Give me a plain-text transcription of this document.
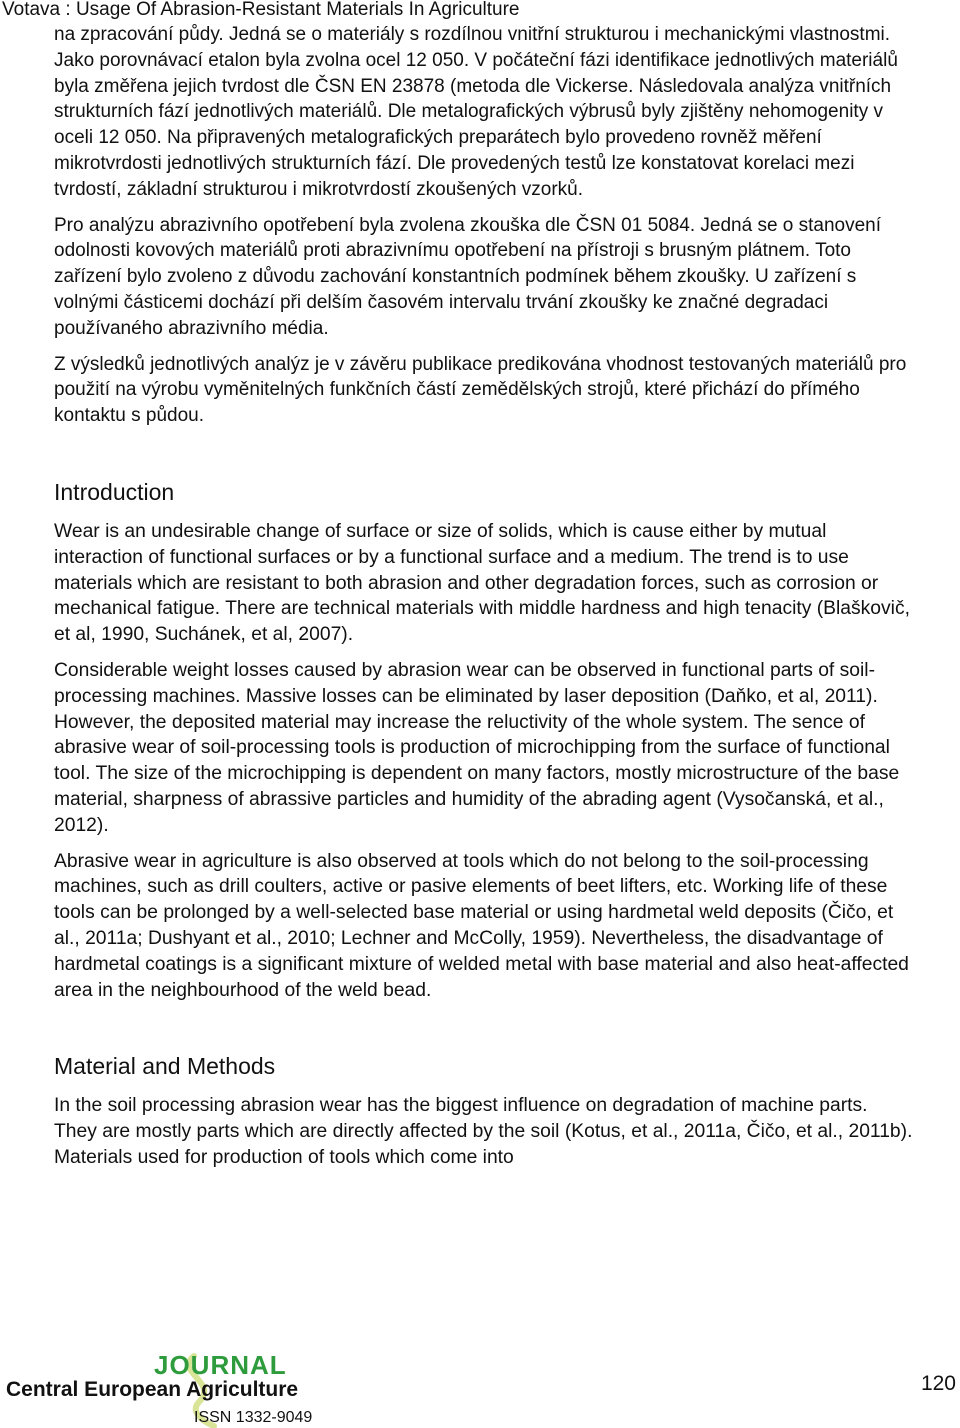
Votava : Usage Of Abrasion-Resistant Materials In Agriculture

na zpracování půdy. Jedná se o materiály s rozdílnou vnitřní strukturou i mechanickými vlastnostmi. Jako porovnávací etalon byla zvolna ocel 12 050. V počáteční fázi identifikace jednotlivých materiálů byla změřena jejich tvrdost dle ČSN EN 23878 (metoda dle Vickerse. Následovala analýza vnitřních strukturních fází jednotlivých materiálů. Dle metalografických výbrusů byly zjištěny nehomogenity v oceli 12 050. Na připravených metalografických preparátech bylo provedeno rovněž měření mikrotvrdosti jednotlivých strukturních fází. Dle provedených testů lze konstatovat korelaci mezi tvrdostí, základní strukturou i mikrotvrdostí zkoušených vzorků.

Pro analýzu abrazivního opotřebení byla zvolena zkouška dle ČSN 01 5084. Jedná se o stanovení odolnosti kovových materiálů proti abrazivnímu opotřebení na přístroji s brusným plátnem. Toto zařízení bylo zvoleno z důvodu zachování konstantních podmínek během zkoušky. U zařízení s volnými částicemi dochází při delším časovém intervalu trvání zkoušky ke značné degradaci používaného abrazivního média.

Z výsledků jednotlivých analýz je v závěru publikace predikována vhodnost testovaných materiálů pro použití na výrobu vyměnitelných funkčních částí zemědělských strojů, které přichází do přímého kontaktu s půdou.

Introduction

Wear is an undesirable change of surface or size of solids, which is cause either by mutual interaction of functional surfaces or by a functional surface and a medium. The trend is to use materials which are resistant to both abrasion and other degradation forces, such as corrosion or mechanical fatigue. There are technical materials with middle hardness and high tenacity (Blaškovič, et al, 1990, Suchánek, et al, 2007).

Considerable weight losses caused by abrasion wear can be observed in functional parts of soil-processing machines. Massive losses can be eliminated by laser deposition (Daňko, et al, 2011). However, the deposited material may increase the reluctivity of the whole system. The sence of abrasive wear of soil-processing tools is production of microchipping from the surface of functional tool. The size of the microchipping is dependent on many factors, mostly microstructure of the base material, sharpness of abrassive particles and humidity of the abrading agent (Vysočanská, et al., 2012).

Abrasive wear in agriculture is also observed at tools which do not belong to the soil-processing machines, such as drill coulters, active or pasive elements of beet lifters, etc. Working life of these tools can be prolonged by a well-selected base material or using hardmetal weld deposits (Čičo, et al., 2011a; Dushyant et al., 2010; Lechner and McColly, 1959). Nevertheless, the disadvantage of hardmetal coatings is a significant mixture of welded metal with base material and also heat-affected area in the neighbourhood of the weld bead.

Material and Methods

In the soil processing abrasion wear has the biggest influence on degradation of machine parts. They are mostly parts which are directly affected by the soil (Kotus, et al., 2011a, Čičo, et al., 2011b). Materials used for production of tools which come into

JOURNAL
Central European Agriculture
ISSN 1332-9049
120
